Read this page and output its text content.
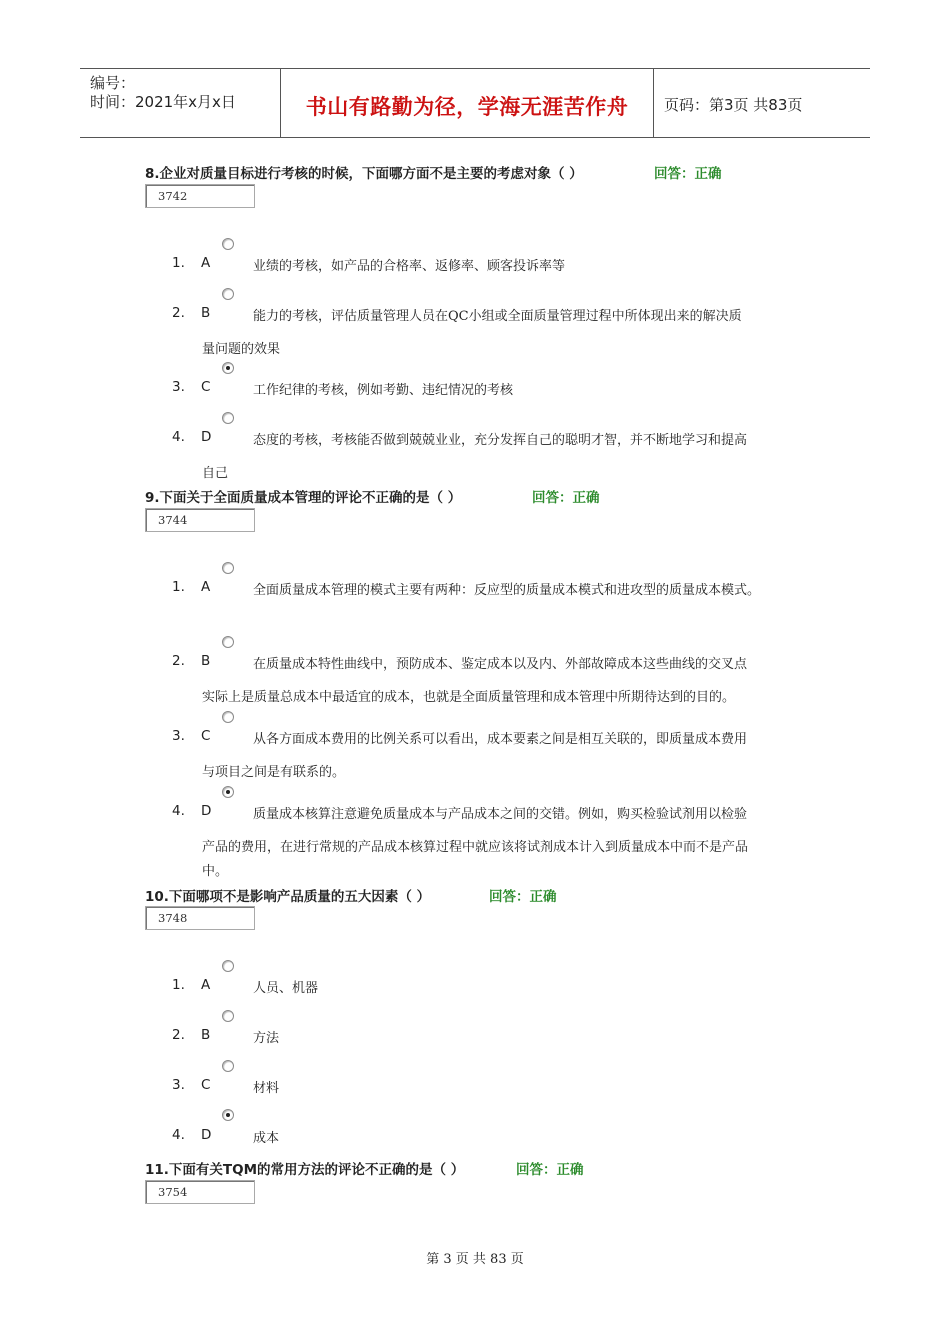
编号：
时间：2021年x月x日	书山有路勤为径，学海无涯苦作舟	页码：第3页 共83页
8.企业对质量目标进行考核的时候，下面哪方面不是主要的考虑对象（ ）	回答：正确
3742
1. A	业绩的考核，如产品的合格率、返修率、顾客投诉率等
2. B	能力的考核，评估质量管理人员在QC小组或全面质量管理过程中所体现出来的解决质
量问题的效果
3. C	工作纪律的考核，例如考勤、违纪情况的考核
4. D	态度的考核，考核能否做到兢兢业业，充分发挥自己的聪明才智，并不断地学习和提高
自己
9.下面关于全面质量成本管理的评论不正确的是（ ）	回答：正确
3744
1. A	全面质量成本管理的模式主要有两种：反应型的质量成本模式和进攻型的质量成本模式。
2. B	在质量成本特性曲线中，预防成本、鉴定成本以及内、外部故障成本这些曲线的交叉点
实际上是质量总成本中最适宜的成本，也就是全面质量管理和成本管理中所期待达到的目的。
3. C	从各方面成本费用的比例关系可以看出，成本要素之间是相互关联的，即质量成本费用
与项目之间是有联系的。
4. D	质量成本核算注意避免质量成本与产品成本之间的交错。例如，购买检验试剂用以检验
产品的费用，在进行常规的产品成本核算过程中就应该将试剂成本计入到质量成本中而不是产品
中。
10.下面哪项不是影响产品质量的五大因素（ ）	回答：正确
3748
1. A	人员、机器
2. B	方法
3. C	材料
4. D	成本
11.下面有关TQM的常用方法的评论不正确的是（ ）	回答：正确
3754
第 3 页 共 83 页
